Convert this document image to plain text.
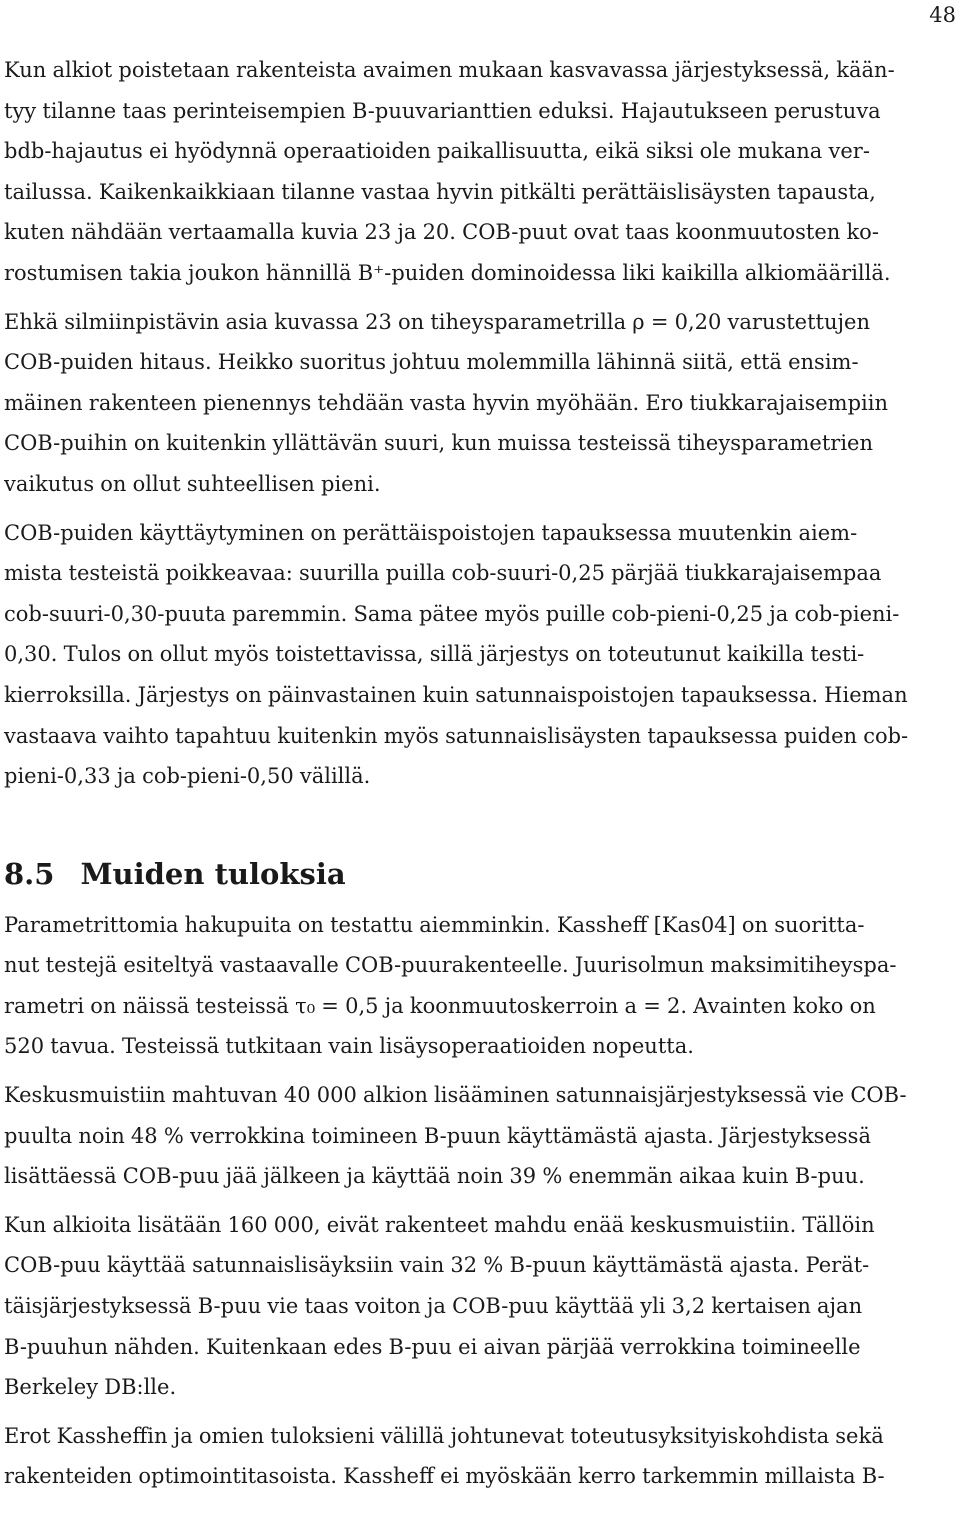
48

Kun alkiot poistetaan rakenteista avaimen mukaan kasvavassa järjestyksessä, kään-
tyy tilanne taas perinteisempien B-puuvarianttien eduksi. Hajautukseen perustuva
bdb-hajautus ei hyödynnä operaatioiden paikallisuutta, eikä siksi ole mukana ver-
tailussa. Kaikenkaikkiaan tilanne vastaa hyvin pitkälti perättäislisäysten tapausta,
kuten nähdään vertaamalla kuvia 23 ja 20. COB-puut ovat taas koonmuutosten ko-
rostumisen takia joukon hännillä B⁺-puiden dominoidessa liki kaikilla alkiomäärillä.

Ehkä silmiinpistävin asia kuvassa 23 on tiheysparametrilla ρ = 0,20 varustettujen
COB-puiden hitaus. Heikko suoritus johtuu molemmilla lähinnä siitä, että ensim-
mäinen rakenteen pienennys tehdään vasta hyvin myöhään. Ero tiukkarajaisempiin
COB-puihin on kuitenkin yllättävän suuri, kun muissa testeissä tiheysparametrien
vaikutus on ollut suhteellisen pieni.

COB-puiden käyttäytyminen on perättäispoistojen tapauksessa muutenkin aiem-
mista testeistä poikkeavaa: suurilla puilla cob-suuri-0,25 pärjää tiukkarajaisempaa
cob-suuri-0,30-puuta paremmin. Sama pätee myös puille cob-pieni-0,25 ja cob-pieni-
0,30. Tulos on ollut myös toistettavissa, sillä järjestys on toteutunut kaikilla testi-
kierroksilla. Järjestys on päinvastainen kuin satunnaispoistojen tapauksessa. Hieman
vastaava vaihto tapahtuu kuitenkin myös satunnaislisäysten tapauksessa puiden cob-
pieni-0,33 ja cob-pieni-0,50 välillä.

8.5 Muiden tuloksia

Parametrittomia hakupuita on testattu aiemminkin. Kassheff [Kas04] on suoritta-
nut testejä esiteltyä vastaavalle COB-puurakenteelle. Juurisolmun maksimitiheyspa-
rametri on näissä testeissä τ₀ = 0,5 ja koonmuutoskerroin a = 2. Avainten koko on
520 tavua. Testeissä tutkitaan vain lisäysoperaatioiden nopeutta.

Keskusmuistiin mahtuvan 40 000 alkion lisääminen satunnaisjärjestyksessä vie COB-
puulta noin 48 % verrokkina toimineen B-puun käyttämästä ajasta. Järjestyksessä
lisättäessä COB-puu jää jälkeen ja käyttää noin 39 % enemmän aikaa kuin B-puu.

Kun alkioita lisätään 160 000, eivät rakenteet mahdu enää keskusmuistiin. Tällöin
COB-puu käyttää satunnaislisäyksiin vain 32 % B-puun käyttämästä ajasta. Perät-
täisjärjestyksessä B-puu vie taas voiton ja COB-puu käyttää yli 3,2 kertaisen ajan
B-puuhun nähden. Kuitenkaan edes B-puu ei aivan pärjää verrokkina toimineelle
Berkeley DB:lle.

Erot Kassheffin ja omien tuloksieni välillä johtunevat toteutusyksityiskohdista sekä
rakenteiden optimointitasoista. Kassheff ei myöskään kerro tarkemmin millaista B-
